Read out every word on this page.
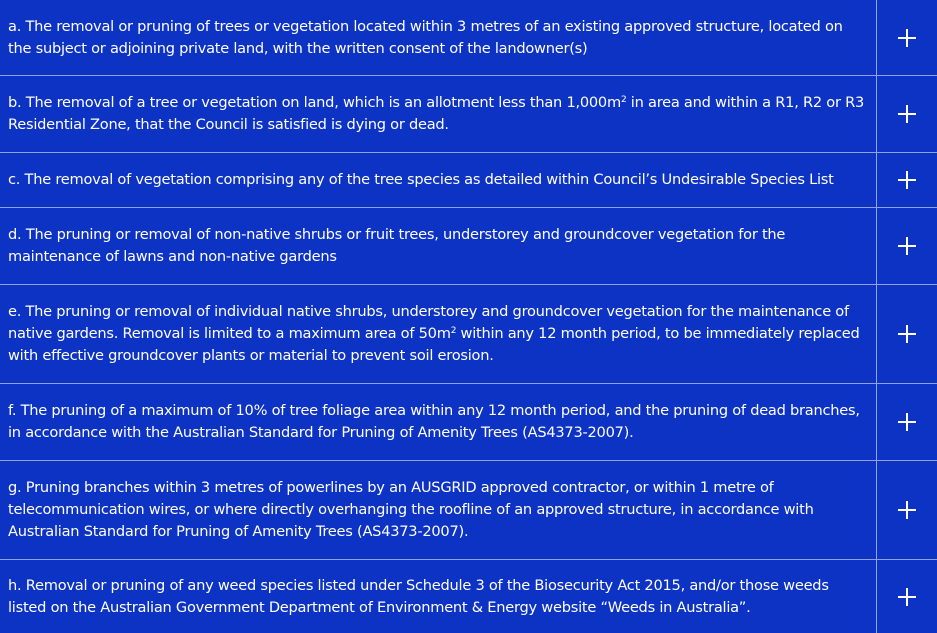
a. The removal or pruning of trees or vegetation located within 3 metres of an existing approved structure, located on the subject or adjoining private land, with the written consent of the landowner(s)
b. The removal of a tree or vegetation on land, which is an allotment less than $1,000m^2$ in area and within a R1, R2 or R3 Residential Zone, that the Council is satisfied is dying or dead.
c. The removal of vegetation comprising any of the tree species as detailed within Council’s Undesirable Species List
d. The pruning or removal of non-native shrubs or fruit trees, understorey and groundcover vegetation for the maintenance of lawns and non-native gardens
e. The pruning or removal of individual native shrubs, understorey and groundcover vegetation for the maintenance of native gardens. Removal is limited to a maximum area of $50m^2$ within any 12 month period, to be immediately replaced with effective groundcover plants or material to prevent soil erosion.
f. The pruning of a maximum of 10% of tree foliage area within any 12 month period, and the pruning of dead branches, in accordance with the Australian Standard for Pruning of Amenity Trees (AS4373-2007).
g. Pruning branches within 3 metres of powerlines by an AUSGRID approved contractor, or within 1 metre of telecommunication wires, or where directly overhanging the roofline of an approved structure, in accordance with Australian Standard for Pruning of Amenity Trees (AS4373-2007).
h. Removal or pruning of any weed species listed under Schedule 3 of the Biosecurity Act 2015, and/or those weeds listed on the Australian Government Department of Environment & Energy website “Weeds in Australia”.
